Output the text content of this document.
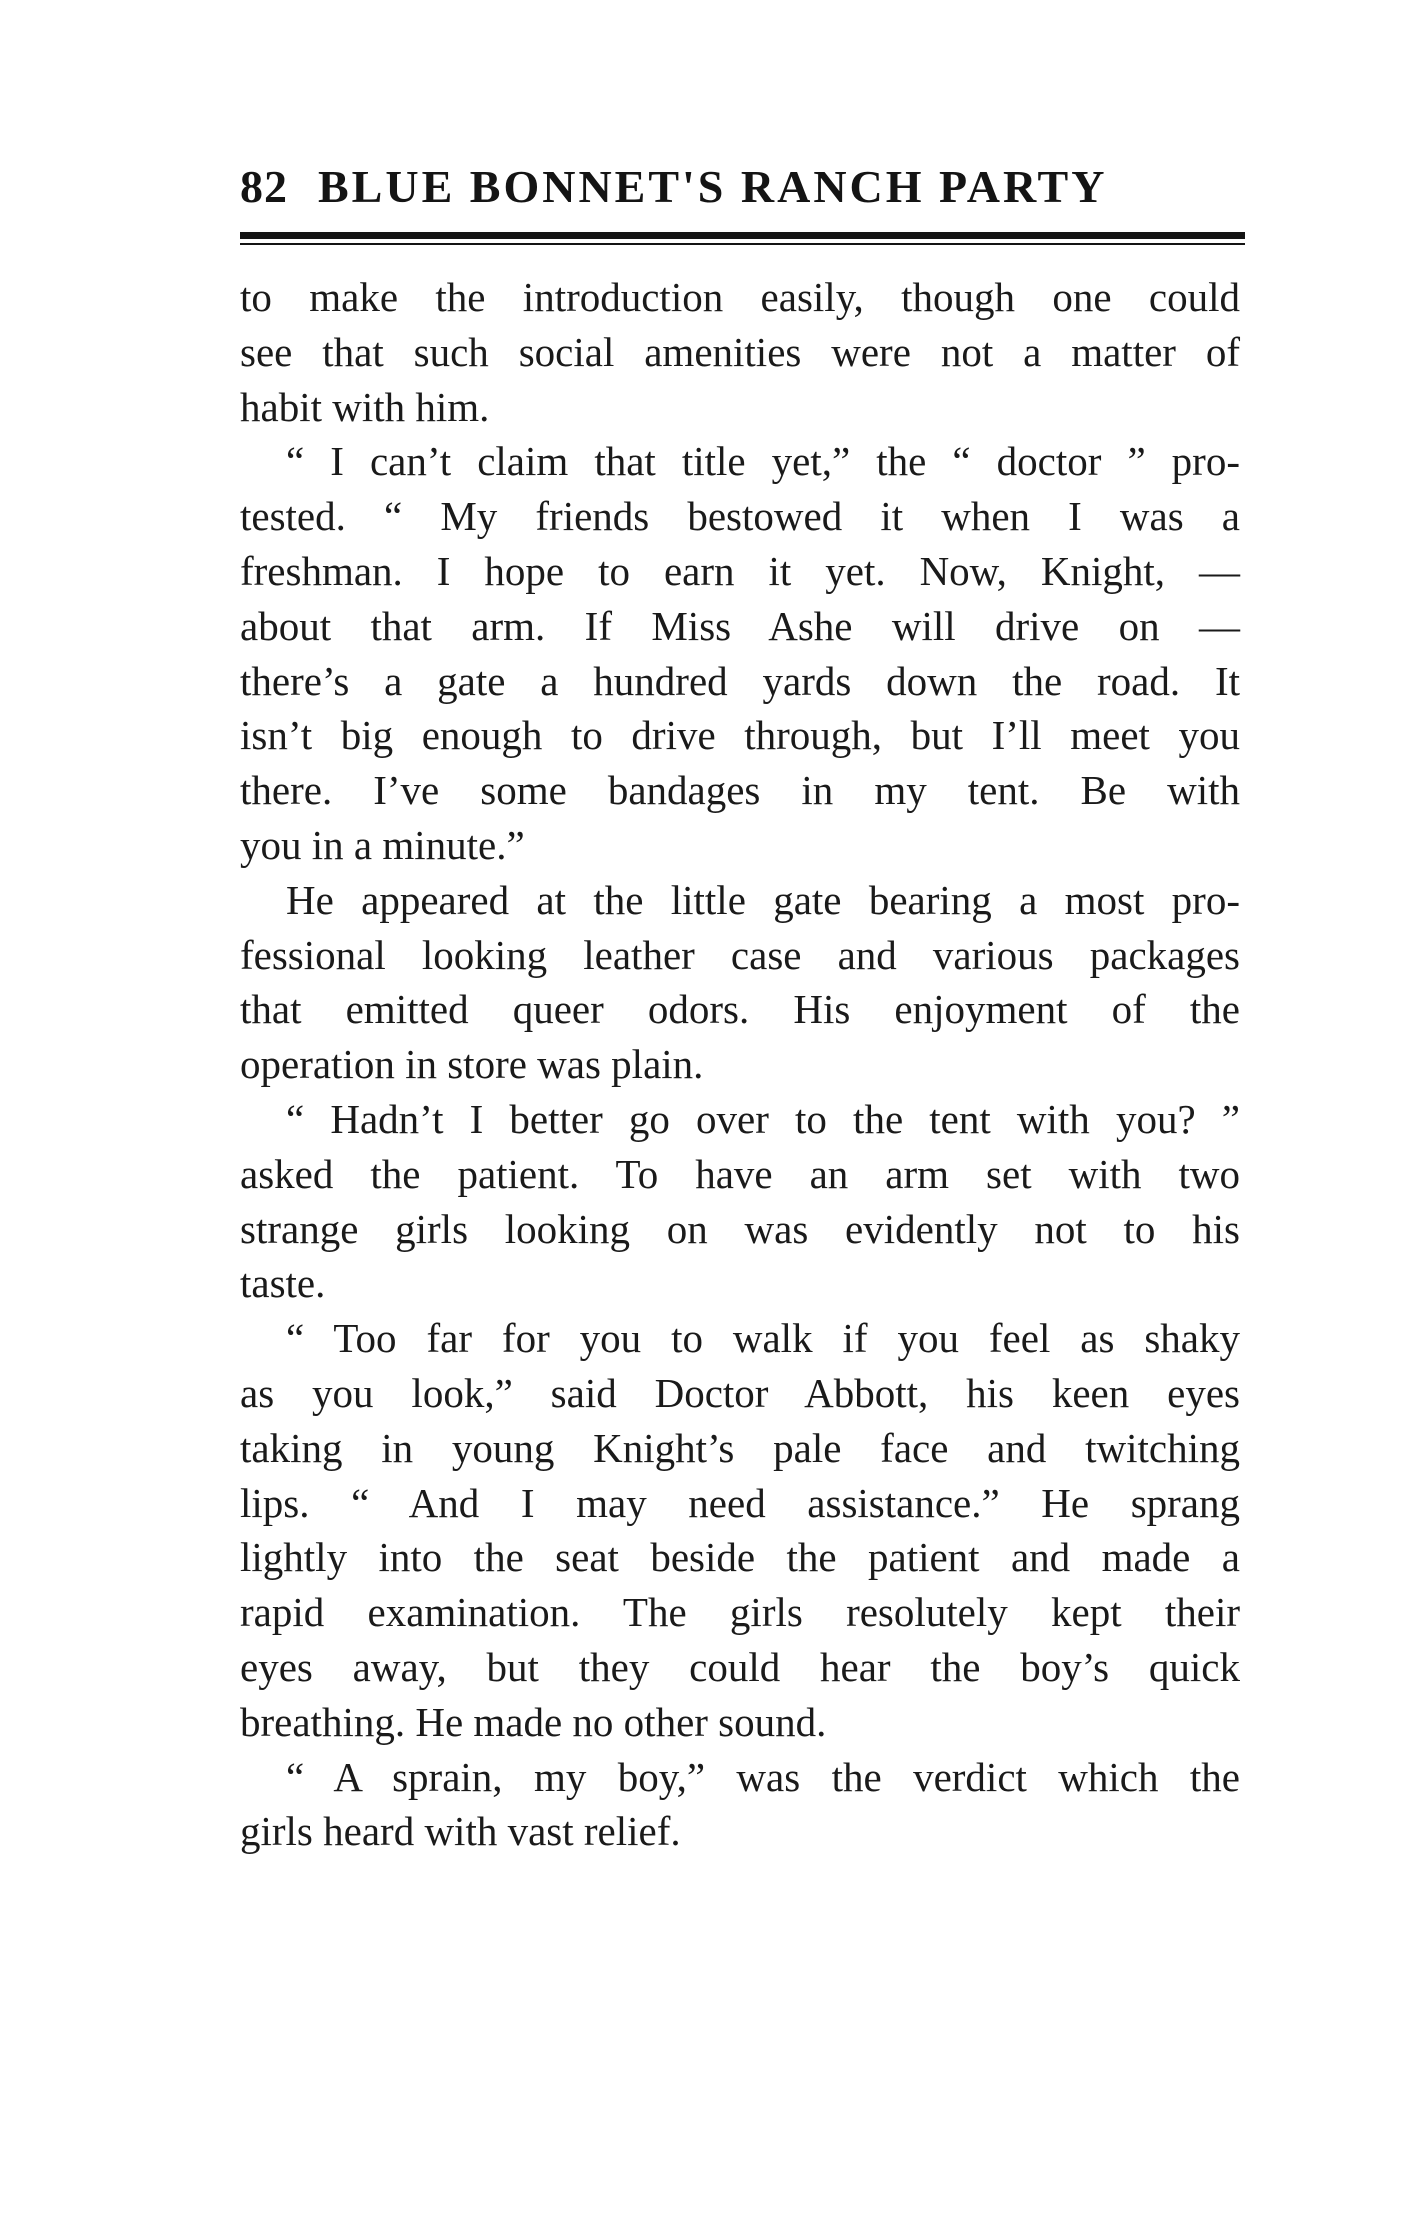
82 BLUE BONNET'S RANCH PARTY
to make the introduction easily, though one could
see that such social amenities were not a matter of
habit with him.
“ I can’t claim that title yet,” the “ doctor ” pro-
tested. “ My friends bestowed it when I was a
freshman. I hope to earn it yet. Now, Knight, —
about that arm. If Miss Ashe will drive on —
there’s a gate a hundred yards down the road. It
isn’t big enough to drive through, but I’ll meet you
there. I’ve some bandages in my tent. Be with
you in a minute.”
He appeared at the little gate bearing a most pro-
fessional looking leather case and various packages
that emitted queer odors. His enjoyment of the
operation in store was plain.
“ Hadn’t I better go over to the tent with you? ”
asked the patient. To have an arm set with two
strange girls looking on was evidently not to his
taste.
“ Too far for you to walk if you feel as shaky
as you look,” said Doctor Abbott, his keen eyes
taking in young Knight’s pale face and twitching
lips. “ And I may need assistance.” He sprang
lightly into the seat beside the patient and made a
rapid examination. The girls resolutely kept their
eyes away, but they could hear the boy’s quick
breathing. He made no other sound.
“ A sprain, my boy,” was the verdict which the
girls heard with vast relief.
